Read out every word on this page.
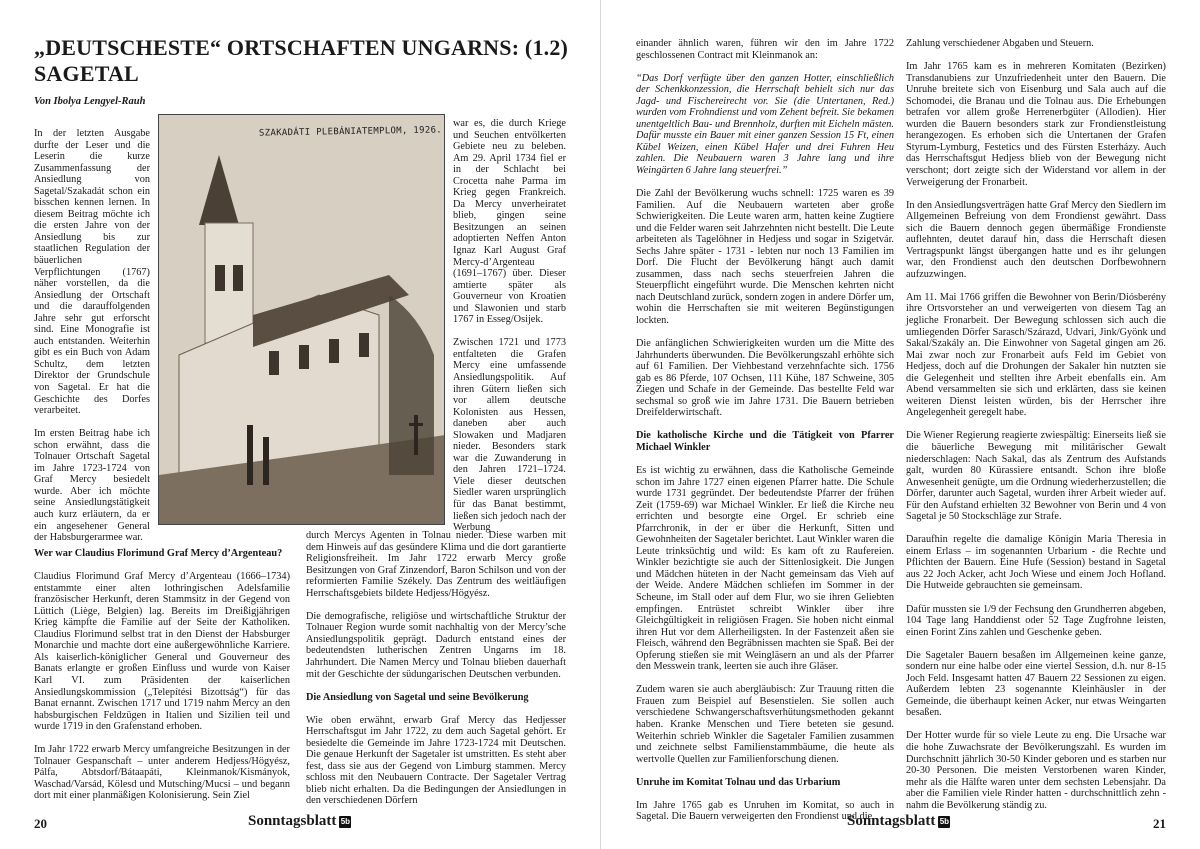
„DEUTSCHESTE“ ORTSCHAFTEN UNGARNS: (1.2) SAGETAL
Von Ibolya Lengyel-Rauh

In der letzten Ausgabe durfte der Leser und die Leserin die kurze Zusammenfassung der Ansiedlung von Sagetal/Szakadát schon ein bisschen kennen lernen. In diesem Beitrag möchte ich die ersten Jahre von der Ansiedlung bis zur staatlichen Regulation der bäuerlichen Verpflichtungen (1767) näher vorstellen, da die Ansiedlung der Ortschaft und die darauffolgenden Jahre sehr gut erforscht sind. Eine Monografie ist auch entstanden. Weiterhin gibt es ein Buch von Adam Schultz, dem letzten Direktor der Grundschule von Sagetal. Er hat die Geschichte des Dorfes verarbeitet.

Im ersten Beitrag habe ich schon erwähnt, dass die Tolnauer Ortschaft Sagetal im Jahre 1723-1724 von Graf Mercy besiedelt wurde. Aber ich möchte seine Ansiedlungstätigkeit auch kurz erläutern, da er ein angesehener General der Habsburgerarmee war.

Wer war Claudius Florimund Graf Mercy d’Argenteau?

Claudius Florimund Graf Mercy d’Argenteau (1666–1734) entstammte einer alten lothringischen Adelsfamilie französischer Herkunft, deren Stammsitz in der Gegend von Lüttich (Liège, Belgien) lag. Bereits im Dreißigjährigen Krieg kämpfte die Familie auf der Seite der Katholiken. Claudius Florimund selbst trat in den Dienst der Habsburger Monarchie und machte dort eine außergewöhnliche Karriere. Als kaiserlich-königlicher General und Gouverneur des Banats erlangte er großen Einfluss und wurde von Kaiser Karl VI. zum Präsidenten der kaiserlichen Ansiedlungskommission („Telepítési Bizottság“) für das Banat ernannt. Zwischen 1717 und 1719 nahm Mercy an den habsburgischen Feldzügen in Italien und Sizilien teil und wurde 1719 in den Grafenstand erhoben.

Im Jahr 1722 erwarb Mercy umfangreiche Besitzungen in der Tolnauer Gespanschaft – unter anderem Hedjess/Högyész, Pálfa, Abtsdorf/Bátaapáti, Kleinmanok/Kismányok, Waschad/Varsád, Kölesd und Mutsching/Mucsi – und begann dort mit einer planmäßigen Kolonisierung. Sein Ziel

SZAKADÁTI PLEBÁNIATEMPLOM, 1926.

war es, die durch Kriege und Seuchen entvölkerten Gebiete neu zu beleben. Am 29. April 1734 fiel er in der Schlacht bei Crocetta nahe Parma im Krieg gegen Frankreich. Da Mercy unverheiratet blieb, gingen seine Besitzungen an seinen adoptierten Neffen Anton Ignaz Karl August Graf Mercy-d’Argenteau (1691–1767) über. Dieser amtierte später als Gouverneur von Kroatien und Slawonien und starb 1767 in Esseg/Osijek.

Zwischen 1721 und 1773 entfalteten die Grafen Mercy eine umfassende Ansiedlungspolitik. Auf ihren Gütern ließen sich vor allem deutsche Kolonisten aus Hessen, daneben aber auch Slowaken und Madjaren nieder. Besonders stark war die Zuwanderung in den Jahren 1721–1724. Viele dieser deutschen Siedler waren ursprünglich für das Banat bestimmt, ließen sich jedoch nach der Werbung

durch Mercys Agenten in Tolnau nieder. Diese warben mit dem Hinweis auf das gesündere Klima und die dort garantierte Religionsfreiheit. Im Jahr 1722 erwarb Mercy große Besitzungen von Graf Zinzendorf, Baron Schilson und von der reformierten Familie Székely. Das Zentrum des weitläufigen Herrschaftsgebiets bildete Hedjess/Högyész.

Die demografische, religiöse und wirtschaftliche Struktur der Tolnauer Region wurde somit nachhaltig von der Mercy’sche Ansiedlungspolitik geprägt. Dadurch entstand eines der bedeutendsten lutherischen Zentren Ungarns im 18. Jahrhundert. Die Namen Mercy und Tolnau blieben dauerhaft mit der Geschichte der südungarischen Deutschen verbunden.

Die Ansiedlung von Sagetal und seine Bevölkerung

Wie oben erwähnt, erwarb Graf Mercy das Hedjesser Herrschaftsgut im Jahr 1722, zu dem auch Sagetal gehört. Er besiedelte die Gemeinde im Jahre 1723-1724 mit Deutschen. Die genaue Herkunft der Sagetaler ist umstritten. Es steht aber fest, dass sie aus der Gegend von Limburg stammen. Mercy schloss mit den Neubauern Contracte. Der Sagetaler Vertrag blieb nicht erhalten. Da die Bedingungen der Ansiedlungen in den verschiedenen Dörfern

20	Sonntagsblatt 5b

einander ähnlich waren, führen wir den im Jahre 1722 geschlossenen Contract mit Kleinmanok an:

“Das Dorf verfügte über den ganzen Hotter, einschließlich der Schenkkonzession, die Herrschaft behielt sich nur das Jagd- und Fischereirecht vor. Sie (die Untertanen, Red.) wurden vom Frohndienst und vom Zehent befreit. Sie bekamen unentgeltlich Bau- und Brennholz, durften mit Eicheln mästen. Dafür musste ein Bauer mit einer ganzen Session 15 Ft, einen Kübel Weizen, einen Kübel Hafer und drei Fuhren Heu zahlen. Die Neubauern waren 3 Jahre lang und ihre Weingärten 6 Jahre lang steuerfrei.”

Die Zahl der Bevölkerung wuchs schnell: 1725 waren es 39 Familien. Auf die Neubauern warteten aber große Schwierigkeiten. Die Leute waren arm, hatten keine Zugtiere und die Felder waren seit Jahrzehnten nicht bestellt. Die Leute arbeiteten als Tagelöhner in Hedjess und sogar in Szigetvár. Sechs Jahre später - 1731 - lebten nur noch 13 Familien im Dorf. Die Flucht der Bevölkerung hängt auch damit zusammen, dass nach sechs steuerfreien Jahren die Steuerpflicht eingeführt wurde. Die Menschen kehrten nicht nach Deutschland zurück, sondern zogen in andere Dörfer um, wohin die Herrschaften sie mit weiteren Begünstigungen lockten.

Die anfänglichen Schwierigkeiten wurden um die Mitte des Jahrhunderts überwunden. Die Bevölkerungszahl erhöhte sich auf 61 Familien. Der Viehbestand verzehnfachte sich. 1756 gab es 86 Pferde, 107 Ochsen, 111 Kühe, 187 Schweine, 305 Ziegen und Schafe in der Gemeinde. Das bestellte Feld war sechsmal so groß wie im Jahre 1731. Die Bauern betrieben Dreifelderwirtschaft.

Die katholische Kirche und die Tätigkeit von Pfarrer Michael Winkler

Es ist wichtig zu erwähnen, dass die Katholische Gemeinde schon im Jahre 1727 einen eigenen Pfarrer hatte. Die Schule wurde 1731 gegründet. Der bedeutendste Pfarrer der frühen Zeit (1759-69) war Michael Winkler. Er ließ die Kirche neu errichten und besorgte eine Orgel. Er schrieb eine Pfarrchronik, in der er über die Herkunft, Sitten und Gewohnheiten der Sagetaler berichtet. Laut Winkler waren die Leute trinksüchtig und wild: Es kam oft zu Raufereien. Winkler bezichtigte sie auch der Sittenlosigkeit. Die Jungen und Mädchen hüteten in der Nacht gemeinsam das Vieh auf der Weide. Andere Mädchen schliefen im Sommer in der Scheune, im Stall oder auf dem Flur, wo sie ihren Geliebten empfingen. Entrüstet schreibt Winkler über ihre Gleichgültigkeit in religiösen Fragen. Sie hoben nicht einmal ihren Hut vor dem Allerheiligsten. In der Fastenzeit aßen sie Fleisch, während den Begräbnissen machten sie Spaß. Bei der Opferung stießen sie mit Weingläsern an und als der Pfarrer den Messwein trank, leerten sie auch ihre Gläser.

Zudem waren sie auch abergläubisch: Zur Trauung ritten die Frauen zum Beispiel auf Besenstielen. Sie sollen auch verschiedene Schwangerschaftsverhütungsmethoden gekannt haben. Kranke Menschen und Tiere beteten sie gesund. Weiterhin schrieb Winkler die Sagetaler Familien zusammen und zeichnete selbst Familienstammbäume, die heute als wertvolle Quellen zur Familienforschung dienen.

Unruhe im Komitat Tolnau und das Urbarium

Im Jahre 1765 gab es Unruhen im Komitat, so auch in Sagetal. Die Bauern verweigerten den Frondienst und die

Zahlung verschiedener Abgaben und Steuern.

Im Jahr 1765 kam es in mehreren Komitaten (Bezirken) Transdanubiens zur Unzufriedenheit unter den Bauern. Die Unruhe breitete sich von Eisenburg und Sala auch auf die Schomodei, die Branau und die Tolnau aus. Die Erhebungen betrafen vor allem große Herrenerbgüter (Allodien). Hier wurden die Bauern besonders stark zur Frondienstleistung herangezogen. Es erhoben sich die Untertanen der Grafen Styrum-Lymburg, Festetics und des Fürsten Esterházy. Auch das Herrschaftsgut Hedjess blieb von der Bewegung nicht verschont; dort zeigte sich der Widerstand vor allem in der Verweigerung der Fronarbeit.

In den Ansiedlungsverträgen hatte Graf Mercy den Siedlern im Allgemeinen Befreiung von dem Frondienst gewährt. Dass sich die Bauern dennoch gegen übermäßige Frondienste auflehnten, deutet darauf hin, dass die Herrschaft diesen Vertragspunkt längst übergangen hatte und es ihr gelungen war, den Frondienst auch den deutschen Dorfbewohnern aufzuzwingen.

Am 11. Mai 1766 griffen die Bewohner von Berin/Diósberény ihre Ortsvorsteher an und verweigerten von diesem Tag an jegliche Fronarbeit. Der Bewegung schlossen sich auch die umliegenden Dörfer Sarasch/Szárazd, Udvari, Jink/Gyönk und Sakal/Szakály an. Die Einwohner von Sagetal gingen am 26. Mai zwar noch zur Fronarbeit aufs Feld im Gebiet von Hedjess, doch auf die Drohungen der Sakaler hin nutzten sie die Gelegenheit und stellten ihre Arbeit ebenfalls ein. Am Abend versammelten sie sich und erklärten, dass sie keinen weiteren Dienst leisten würden, bis der Herrscher ihre Angelegenheit geregelt habe.

Die Wiener Regierung reagierte zwiespältig: Einerseits ließ sie die bäuerliche Bewegung mit militärischer Gewalt niederschlagen: Nach Sakal, das als Zentrum des Aufstands galt, wurden 80 Kürassiere entsandt. Schon ihre bloße Anwesenheit genügte, um die Ordnung wiederherzustellen; die Dörfer, darunter auch Sagetal, wurden ihrer Arbeit wieder auf. Für den Aufstand erhielten 32 Bewohner von Berin und 4 von Sagetal je 50 Stockschläge zur Strafe.

Daraufhin regelte die damalige Königin Maria Theresia in einem Erlass – im sogenannten Urbarium - die Rechte und Pflichten der Bauern. Eine Hufe (Session) bestand in Sagetal aus 22 Joch Acker, acht Joch Wiese und einem Joch Hofland. Die Hutweide gebrauchten sie gemeinsam.

Dafür mussten sie 1/9 der Fechsung den Grundherren abgeben, 104 Tage lang Handdienst oder 52 Tage Zugfrohne leisten, einen Forint Zins zahlen und Geschenke geben.

Die Sagetaler Bauern besaßen im Allgemeinen keine ganze, sondern nur eine halbe oder eine viertel Session, d.h. nur 8-15 Joch Feld. Insgesamt hatten 47 Bauern 22 Sessionen zu eigen. Außerdem lebten 23 sogenannte Kleinhäusler in der Gemeinde, die überhaupt keinen Acker, nur etwas Weingarten besaßen.

Der Hotter wurde für so viele Leute zu eng. Die Ursache war die hohe Zuwachsrate der Bevölkerungszahl. Es wurden im Durchschnitt jährlich 30-50 Kinder geboren und es starben nur 20-30 Personen. Die meisten Verstorbenen waren Kinder, mehr als die Hälfte waren unter dem sechsten Lebensjahr. Da aber die Familien viele Rinder hatten - durchschnittlich zehn - nahm die Bevölkerung ständig zu.

Sonntagsblatt 5b	21
